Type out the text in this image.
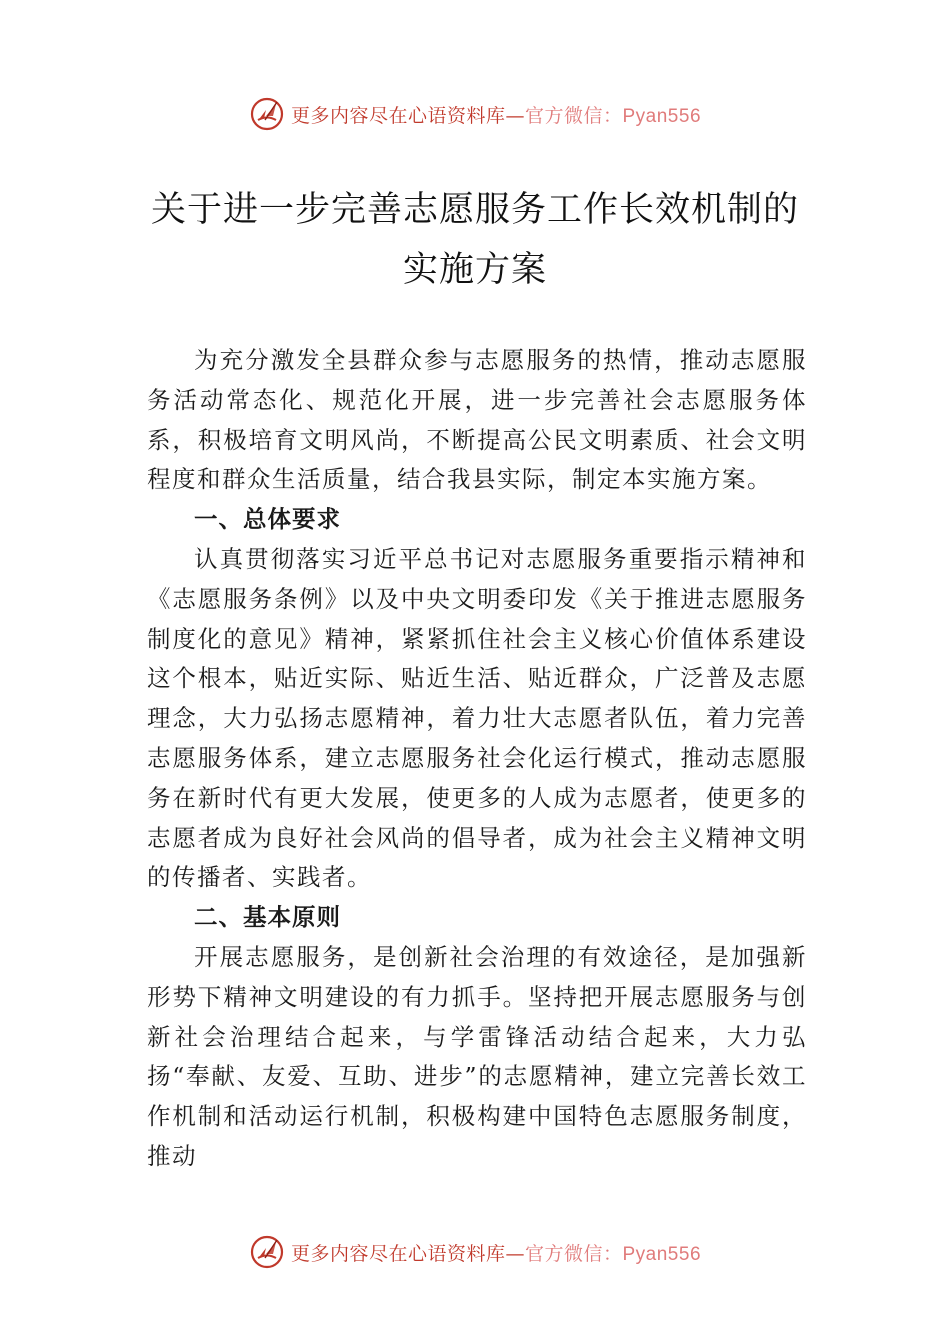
更多内容尽在心语资料库—官方微信：Pyan556
关于进一步完善志愿服务工作长效机制的
实施方案

为充分激发全县群众参与志愿服务的热情，推动志愿服务活动常态化、规范化开展，进一步完善社会志愿服务体系，积极培育文明风尚，不断提高公民文明素质、社会文明程度和群众生活质量，结合我县实际，制定本实施方案。

一、总体要求

认真贯彻落实习近平总书记对志愿服务重要指示精神和《志愿服务条例》以及中央文明委印发《关于推进志愿服务制度化的意见》精神，紧紧抓住社会主义核心价值体系建设这个根本，贴近实际、贴近生活、贴近群众，广泛普及志愿理念，大力弘扬志愿精神，着力壮大志愿者队伍，着力完善志愿服务体系，建立志愿服务社会化运行模式，推动志愿服务在新时代有更大发展，使更多的人成为志愿者，使更多的志愿者成为良好社会风尚的倡导者，成为社会主义精神文明的传播者、实践者。

二、基本原则

开展志愿服务，是创新社会治理的有效途径，是加强新形势下精神文明建设的有力抓手。坚持把开展志愿服务与创新社会治理结合起来，与学雷锋活动结合起来，大力弘扬“奉献、友爱、互助、进步”的志愿精神，建立完善长效工作机制和活动运行机制，积极构建中国特色志愿服务制度，推动

更多内容尽在心语资料库—官方微信：Pyan556
